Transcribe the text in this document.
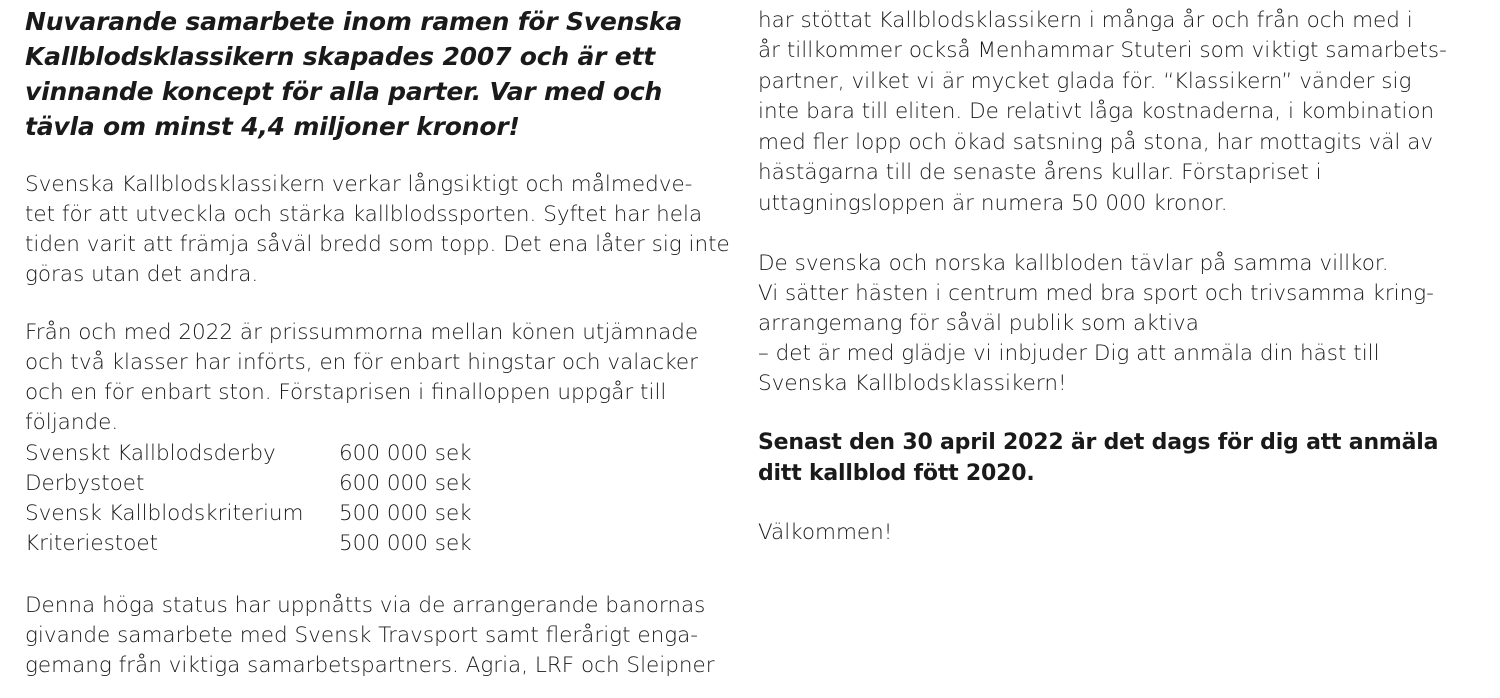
Nuvarande samarbete inom ramen för Svenska
Kallblodsklassikern skapades 2007 och är ett
vinnande koncept för alla parter. Var med och
tävla om minst 4,4 miljoner kronor!
Svenska Kallblodsklassikern verkar långsiktigt och målmedve-
tet för att utveckla och stärka kallblodssporten. Syftet har hela
tiden varit att främja såväl bredd som topp. Det ena låter sig inte
göras utan det andra.
Från och med 2022 är prissummorna mellan könen utjämnade
och två klasser har införts, en för enbart hingstar och valacker
och en för enbart ston. Förstaprisen i finalloppen uppgår till
följande.
Svenskt Kallblodsderby	600 000 sek
Derbystoet	600 000 sek
Svensk Kallblodskriterium 500 000 sek
Kriteriestoet	500 000 sek
Denna höga status har uppnåtts via de arrangerande banornas
givande samarbete med Svensk Travsport samt flerårigt enga-
gemang från viktiga samarbetspartners. Agria, LRF och Sleipner
har stöttat Kallblodsklassikern i många år och från och med i
år tillkommer också Menhammar Stuteri som viktigt samarbets-
partner, vilket vi är mycket glada för. “Klassikern” vänder sig
inte bara till eliten. De relativt låga kostnaderna, i kombination
med fler lopp och ökad satsning på stona, har mottagits väl av
hästägarna till de senaste årens kullar. Förstapriset i
uttagningsloppen är numera 50 000 kronor.
De svenska och norska kallbloden tävlar på samma villkor.
Vi sätter hästen i centrum med bra sport och trivsamma kring-
arrangemang för såväl publik som aktiva
– det är med glädje vi inbjuder Dig att anmäla din häst till
Svenska Kallblodsklassikern!
Senast den 30 april 2022 är det dags för dig att anmäla
ditt kallblod fött 2020.
Välkommen!
